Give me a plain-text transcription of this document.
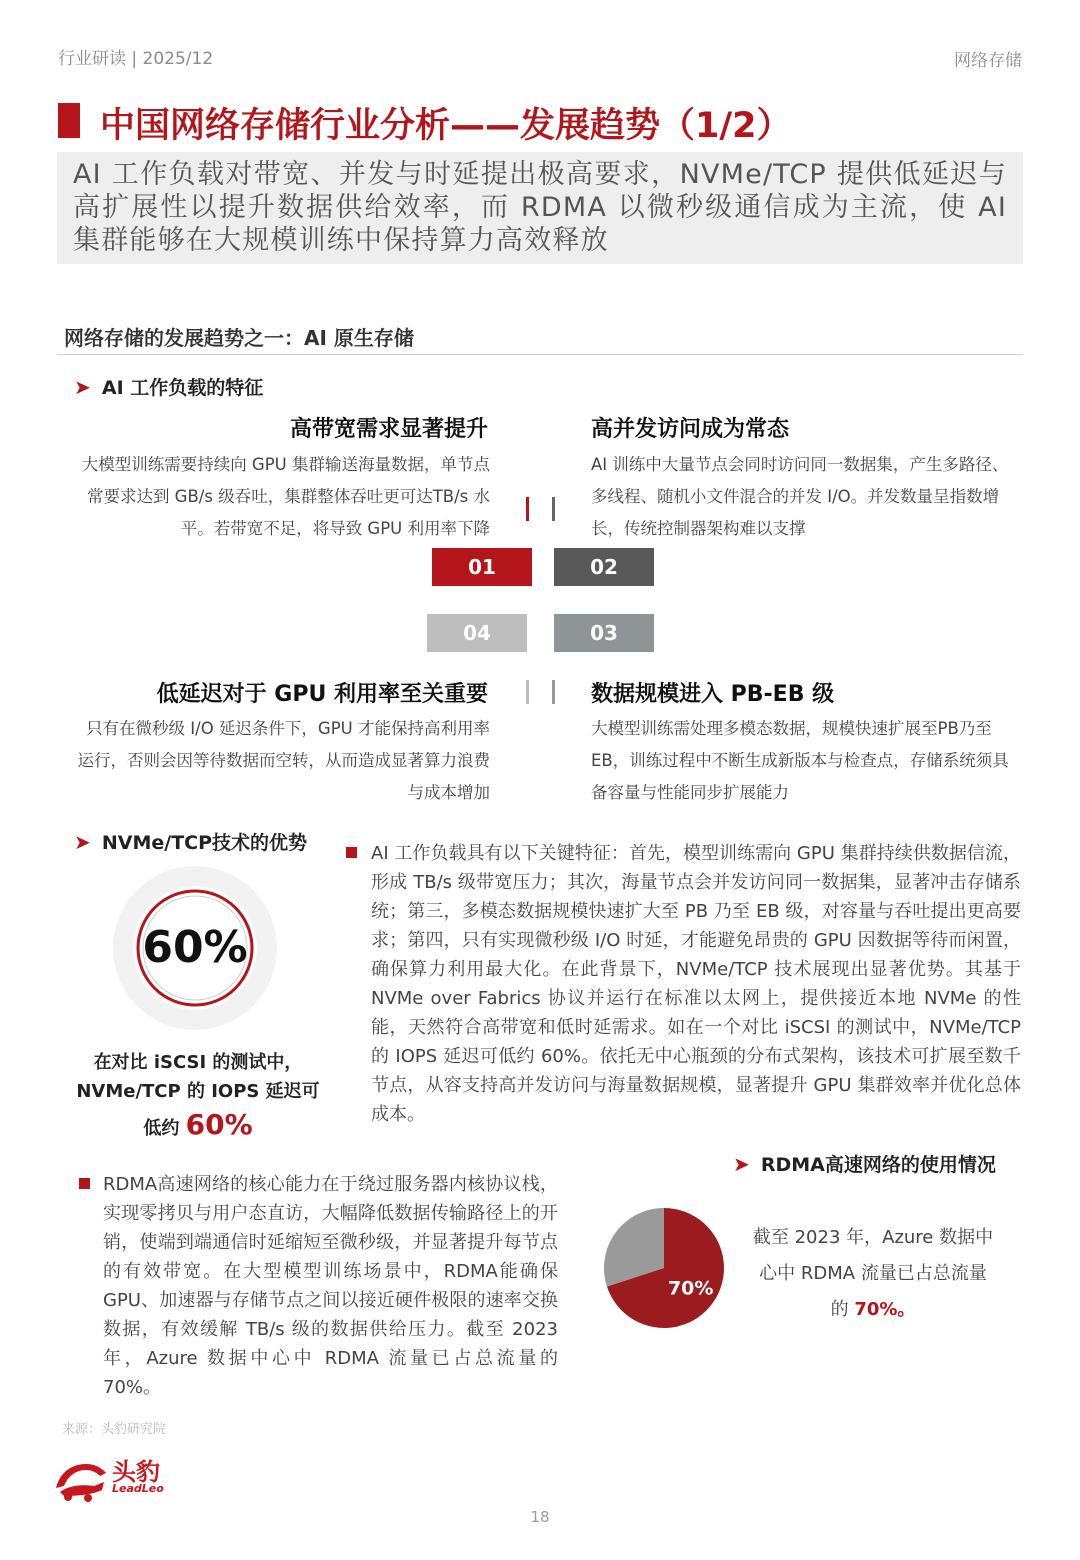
行业研读 | 2025/12	网络存储
中国网络存储行业分析——发展趋势（1/2）
AI 工作负载对带宽、并发与时延提出极高要求，NVMe/TCP 提供低延迟与高扩展性以提升数据供给效率，而 RDMA 以微秒级通信成为主流，使 AI 集群能够在大规模训练中保持算力高效释放
网络存储的发展趋势之一：AI 原生存储
➤ AI 工作负载的特征
高带宽需求显著提升
大模型训练需要持续向 GPU 集群输送海量数据，单节点常要求达到 GB/s 级吞吐，集群整体吞吐更可达TB/s 水平。若带宽不足，将导致 GPU 利用率下降
高并发访问成为常态
AI 训练中大量节点会同时访问同一数据集，产生多路径、多线程、随机小文件混合的并发 I/O。并发数量呈指数增长，传统控制器架构难以支撑
01	02
04	03
低延迟对于 GPU 利用率至关重要
只有在微秒级 I/O 延迟条件下，GPU 才能保持高利用率运行，否则会因等待数据而空转，从而造成显著算力浪费与成本增加
数据规模进入 PB-EB 级
大模型训练需处理多模态数据，规模快速扩展至PB乃至EB，训练过程中不断生成新版本与检查点，存储系统须具备容量与性能同步扩展能力
➤ NVMe/TCP技术的优势
60%
在对比 iSCSI 的测试中，
NVMe/TCP 的 IOPS 延迟可
低约 60%
AI 工作负载具有以下关键特征：首先，模型训练需向 GPU 集群持续供数据信流，形成 TB/s 级带宽压力；其次，海量节点会并发访问同一数据集，显著冲击存储系统；第三，多模态数据规模快速扩大至 PB 乃至 EB 级，对容量与吞吐提出更高要求；第四，只有实现微秒级 I/O 时延，才能避免昂贵的 GPU 因数据等待而闲置，确保算力利用最大化。在此背景下，NVMe/TCP 技术展现出显著优势。其基于 NVMe over Fabrics 协议并运行在标准以太网上，提供接近本地 NVMe 的性能，天然符合高带宽和低时延需求。如在一个对比 iSCSI 的测试中，NVMe/TCP 的 IOPS 延迟可低约 60%。依托无中心瓶颈的分布式架构，该技术可扩展至数千节点，从容支持高并发访问与海量数据规模，显著提升 GPU 集群效率并优化总体成本。
RDMA高速网络的核心能力在于绕过服务器内核协议栈，实现零拷贝与用户态直访，大幅降低数据传输路径上的开销，使端到端通信时延缩短至微秒级，并显著提升每节点的有效带宽。在大型模型训练场景中，RDMA能确保GPU、加速器与存储节点之间以接近硬件极限的速率交换数据，有效缓解 TB/s 级的数据供给压力。截至 2023 年，Azure 数据中心中 RDMA 流量已占总流量的 70%。
➤ RDMA高速网络的使用情况
70%
截至 2023 年，Azure 数据中
心中 RDMA 流量已占总流量
的 70%。
来源：头豹研究院
头豹
LeadLeo
18
